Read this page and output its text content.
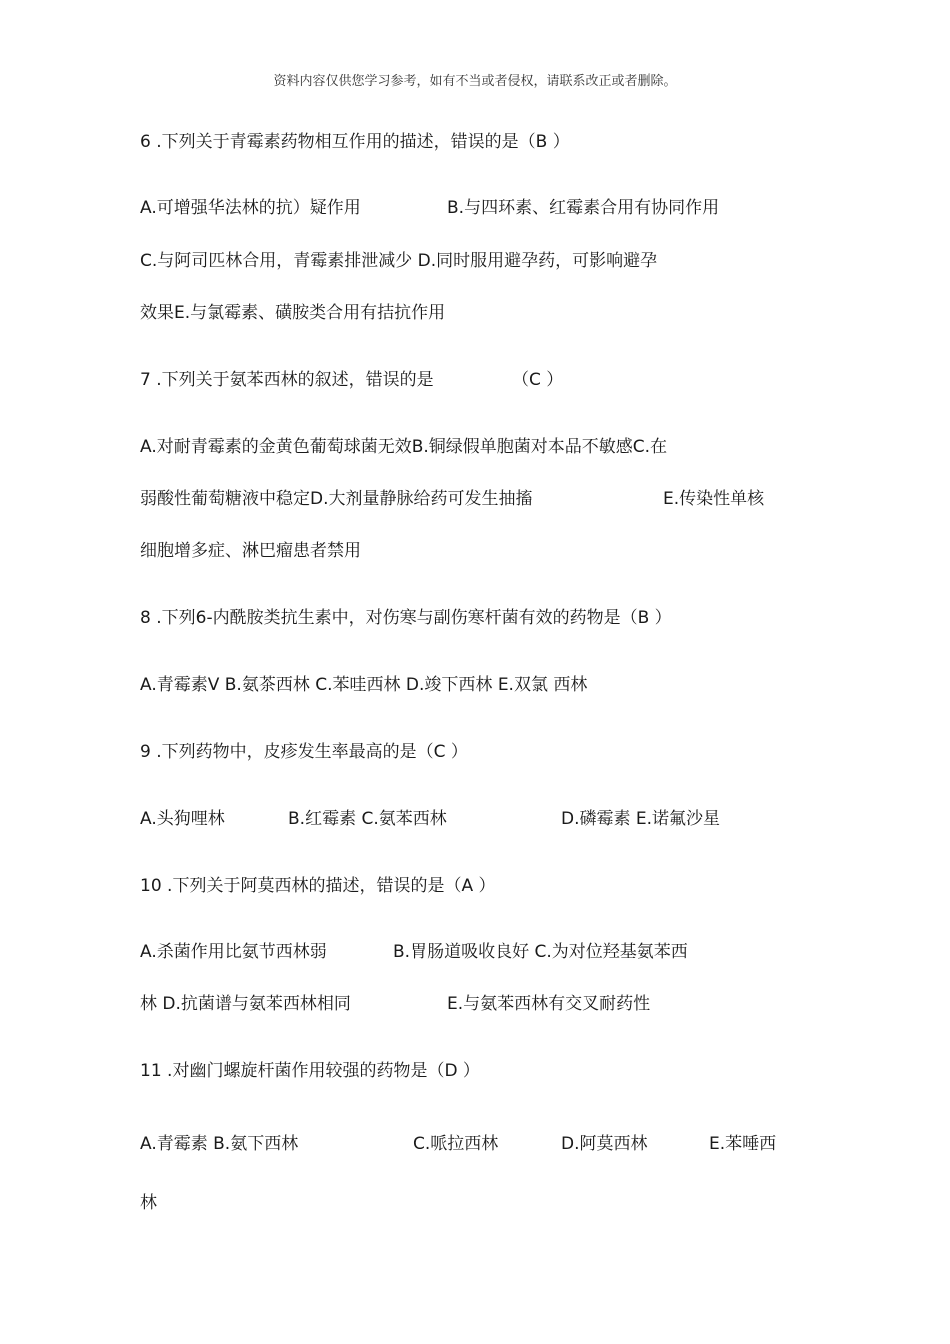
资料内容仅供您学习参考，如有不当或者侵权，请联系改正或者删除。
6 .下列关于青霉素药物相互作用的描述，错误的是（B ）
A.可增强华法林的抗）疑作用	B.与四环素、红霉素合用有协同作用
C.与阿司匹林合用，青霉素排泄减少 D.同时服用避孕药，可影响避孕
效果E.与氯霉素、磺胺类合用有拮抗作用
7 .下列关于氨苯西林的叙述，错误的是	（C ）
A.对耐青霉素的金黄色葡萄球菌无效B.铜绿假单胞菌对本品不敏感C.在
弱酸性葡萄糖液中稳定D.大剂量静脉给药可发生抽搐	E.传染性单核
细胞增多症、淋巴瘤患者禁用
8 .下列6-内酰胺类抗生素中，对伤寒与副伤寒杆菌有效的药物是（B ）
A.青霉素V B.氨茶西林 C.苯哇西林 D.竣下西林 E.双氯 西林
9 .下列药物中，皮疹发生率最高的是（C ）
A.头狗哩林	B.红霉素 C.氨苯西林	D.磷霉素 E.诺氟沙星
10 .下列关于阿莫西林的描述，错误的是（A ）
A.杀菌作用比氨节西林弱	B.胃肠道吸收良好 C.为对位羟基氨苯西
林 D.抗菌谱与氨苯西林相同	E.与氨苯西林有交叉耐药性
11 .对幽门螺旋杆菌作用较强的药物是（D ）
A.青霉素 B.氨下西林	C.哌拉西林	D.阿莫西林	E.苯唾西
林
